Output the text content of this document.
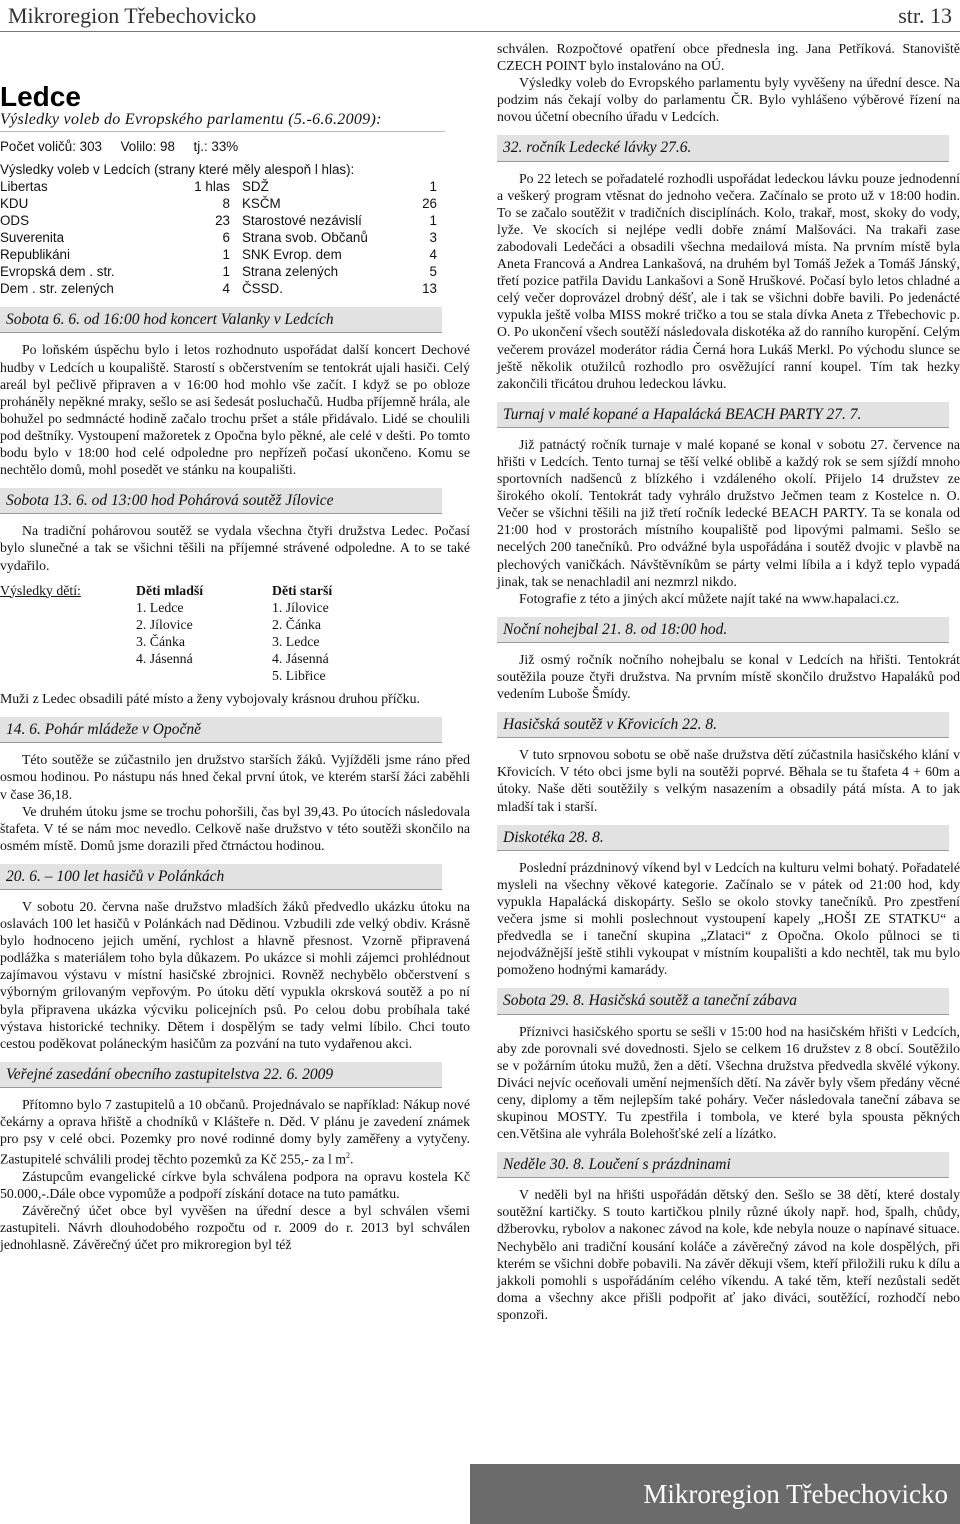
Mikroregion Třebechovicko	str. 13
Ledce
Výsledky voleb do Evropského parlamentu (5.-6.6.2009):
Počet voličů: 303     Volilo: 98     tj.: 33%
Výsledky voleb v Ledcích (strany které měly alespoň l hlas):
Libertas	1 hlas	SDŽ	1
KDU	8	KSČM	26
ODS	23	Starostové nezávislí	1
Suverenita	6	Strana svob. Občanů	3
Republikáni	1	SNK Evrop. dem	4
Evropská dem . str.	1	Strana zelených	5
Dem . str. zelených	4	ČSSD.	13
Sobota 6. 6. od 16:00 hod koncert Valanky v Ledcích

Po loňském úspěchu bylo i letos rozhodnuto uspořádat další koncert Dechové hudby v Ledcích u koupaliště. Starostí s občerstvením se tentokrát ujali hasiči. Celý areál byl pečlivě připraven a v 16:00 hod mohlo vše začít. I když se po obloze proháněly nepěkné mraky, sešlo se asi šedesát posluchačů. Hudba příjemně hrála, ale bohužel po sedmnácté hodině začalo trochu pršet a stále přidávalo. Lidé se choulili pod deštníky. Vystoupení mažoretek z Opočna bylo pěkné, ale celé v dešti. Po tomto bodu bylo v 18:00 hod celé odpoledne pro nepřízeň počasí ukončeno. Komu se nechtělo domů, mohl posedět ve stánku na koupališti.

Sobota 13. 6. od 13:00 hod Pohárová soutěž Jílovice

Na tradiční pohárovou soutěž se vydala všechna čtyři družstva Ledec. Počasí bylo slunečné a tak se všichni těšili na příjemné strávené odpoledne. A to se také vydařilo.

Výsledky dětí:	Děti mladší
1. Ledce
2. Jílovice
3. Čánka
4. Jásenná
Děti starší
1. Jílovice
2. Čánka
3. Ledce
4. Jásenná
5. Libřice

Muži z Ledec obsadili páté místo a ženy vybojovaly krásnou druhou příčku.

14. 6. Pohár mládeže v Opočně

Této soutěže se zúčastnilo jen družstvo starších žáků. Vyjížděli jsme ráno před osmou hodinou. Po nástupu nás hned čekal první útok, ve kterém starší žáci zaběhli v čase 36,18.

Ve druhém útoku jsme se trochu pohoršili, čas byl 39,43. Po útocích následovala štafeta. V té se nám moc nevedlo. Celkově naše družstvo v této soutěži skončilo na osmém místě. Domů jsme dorazili před čtrnáctou hodinou.

20. 6. – 100 let hasičů v Polánkách

V sobotu 20. června naše družstvo mladších žáků předvedlo ukázku útoku na oslavách 100 let hasičů v Polánkách nad Dědinou. Vzbudili zde velký obdiv. Krásně bylo hodnoceno jejich umění, rychlost a hlavně přesnost. Vzorně připravená podlážka s materiálem toho byla důkazem. Po ukázce si mohli zájemci prohlédnout zajímavou výstavu v místní hasičské zbrojnici. Rovněž nechybělo občerstvení s výborným grilovaným vepřovým. Po útoku dětí vypukla okrsková soutěž a po ní byla připravena ukázka výcviku policejních psů. Po celou dobu probíhala také výstava historické techniky. Dětem i dospělým se tady velmi líbilo. Chci touto cestou poděkovat poláneckým hasičům za pozvání na tuto vydařenou akci.

Veřejné zasedání obecního zastupitelstva 22. 6. 2009

Přítomno bylo 7 zastupitelů a 10 občanů. Projednávalo se například: Nákup nové čekárny a oprava hřiště a chodníků v Klášteře n. Děd. V plánu je zavedení známek pro psy v celé obci. Pozemky pro nové rodinné domy byly zaměřeny a vytyčeny. Zastupitelé schválili prodej těchto pozemků za Kč 255,- za l $m^2$.

Zástupcům evangelické církve byla schválena podpora na opravu kostela Kč 50.000,-.Dále obce vypomůže a podpoří získání dotace na tuto památku.

Závěrečný účet obce byl vyvěšen na úřední desce a byl schválen všemi zastupiteli. Návrh dlouhodobého rozpočtu od r. 2009 do r. 2013 byl schválen jednohlasně. Závěrečný účet pro mikroregion byl též

schválen. Rozpočtové opatření obce přednesla ing. Jana Petříková. Stanoviště CZECH POINT bylo instalováno na OÚ.

Výsledky voleb do Evropského parlamentu byly vyvěšeny na úřední desce. Na podzim nás čekají volby do parlamentu ČR. Bylo vyhlášeno výběrové řízení na novou účetní obecního úřadu v Ledcích.

32. ročník Ledecké lávky 27.6.

Po 22 letech se pořadatelé rozhodli uspořádat ledeckou lávku pouze jednodenní a veškerý program vtěsnat do jednoho večera. Začínalo se proto už v 18:00 hodin. To se začalo soutěžit v tradičních disciplínách. Kolo, trakař, most, skoky do vody, lyže. Ve skocích si nejlépe vedli dobře známí Malšováci. Na trakaři zase zabodovali Ledečáci a obsadili všechna medailová místa. Na prvním místě byla Aneta Francová a Andrea Lankašová, na druhém byl Tomáš Ježek a Tomáš Jánský, třetí pozice patřila Davidu Lankašovi a Soně Hruškové. Počasí bylo letos chladné a celý večer doprovázel drobný déšť, ale i tak se všichni dobře bavili. Po jedenácté vypukla ještě volba MISS mokré tričko a tou se stala dívka Aneta z Třebechovic p. O. Po ukončení všech soutěží následovala diskotéka až do ranního kuropění. Celým večerem provázel moderátor rádia Černá hora Lukáš Merkl. Po východu slunce se ještě několik otužilců rozhodlo pro osvěžující ranní koupel. Tím tak hezky zakončili třicátou druhou ledeckou lávku.

Turnaj v malé kopané a Hapalácká BEACH PARTY 27. 7.

Již patnáctý ročník turnaje v malé kopané se konal v sobotu 27. července na hřišti v Ledcích. Tento turnaj se těší velké oblibě a každý rok se sem sjíždí mnoho sportovních nadšenců z blízkého i vzdáleného okolí. Přijelo 14 družstev ze širokého okolí. Tentokrát tady vyhrálo družstvo Ječmen team z Kostelce n. O. Večer se všichni těšili na již třetí ročník ledecké BEACH PARTY. Ta se konala od 21:00 hod v prostorách místního koupaliště pod lipovými palmami. Sešlo se necelých 200 tanečníků. Pro odvážné byla uspořádána i soutěž dvojic v plavbě na plechových vaničkách. Návštěvníkům se párty velmi líbila a i když teplo vypadá jinak, tak se nenachladil ani nezmrzl nikdo.

Fotografie z této a jiných akcí můžete najít také na www.hapalaci.cz.

Noční nohejbal 21. 8. od 18:00 hod.

Již osmý ročník nočního nohejbalu se konal v Ledcích na hřišti. Tentokrát soutěžila pouze čtyři družstva. Na prvním místě skončilo družstvo Hapaláků pod vedením Luboše Šmídy.

Hasičská soutěž v Křovicích 22. 8.

V tuto srpnovou sobotu se obě naše družstva dětí zúčastnila hasičského klání v Křovicích. V této obci jsme byli na soutěži poprvé. Běhala se tu štafeta 4 + 60m a útoky. Naše děti soutěžily s velkým nasazením a obsadily pátá místa. A to jak mladší tak i starší.

Diskotéka 28. 8.

Poslední prázdninový víkend byl v Ledcích na kulturu velmi bohatý. Pořadatelé mysleli na všechny věkové kategorie. Začínalo se v pátek od 21:00 hod, kdy vypukla Hapalácká diskopárty. Sešlo se okolo stovky tanečníků. Pro zpestření večera jsme si mohli poslechnout vystoupení kapely „HOŠI ZE STATKU“ a předvedla se i taneční skupina „Zlataci“ z Opočna. Okolo půlnoci se ti nejodvážnější ještě stihli vykoupat v místním koupališti a kdo nechtěl, tak mu bylo pomoženo hodnými kamarády.

Sobota 29. 8. Hasičská soutěž a taneční zábava

Příznivci hasičského sportu se sešli v 15:00 hod na hasičském hřišti v Ledcích, aby zde porovnali své dovednosti. Sjelo se celkem 16 družstev z 8 obcí. Soutěžilo se v požárním útoku mužů, žen a dětí. Všechna družstva předvedla skvělé výkony. Diváci nejvíc oceňovali umění nejmenších dětí. Na závěr byly všem předány věcné ceny, diplomy a těm nejlepším také poháry. Večer následovala taneční zábava se skupinou MOSTY. Tu zpestřila i tombola, ve které byla spousta pěkných cen.Většina ale vyhrála Bolehošťské zelí a lízátko.

Neděle 30. 8. Loučení s prázdninami

V neděli byl na hřišti uspořádán dětský den. Sešlo se 38 dětí, které dostaly soutěžní kartičky. S touto kartičkou plnily různé úkoly např. hod, špalh, chůdy, džberovku, rybolov a nakonec závod na kole, kde nebyla nouze o napínavé situace. Nechybělo ani tradiční kousání koláče a závěrečný závod na kole dospělých, při kterém se všichni dobře pobavili. Na závěr děkuji všem, kteří přiložili ruku k dílu a jakkoli pomohli s uspořádáním celého víkendu. A také těm, kteří nezůstali sedět doma a všechny akce přišli podpořit ať jako diváci, soutěžící, rozhodčí nebo sponzoři.

Mikroregion Třebechovicko
